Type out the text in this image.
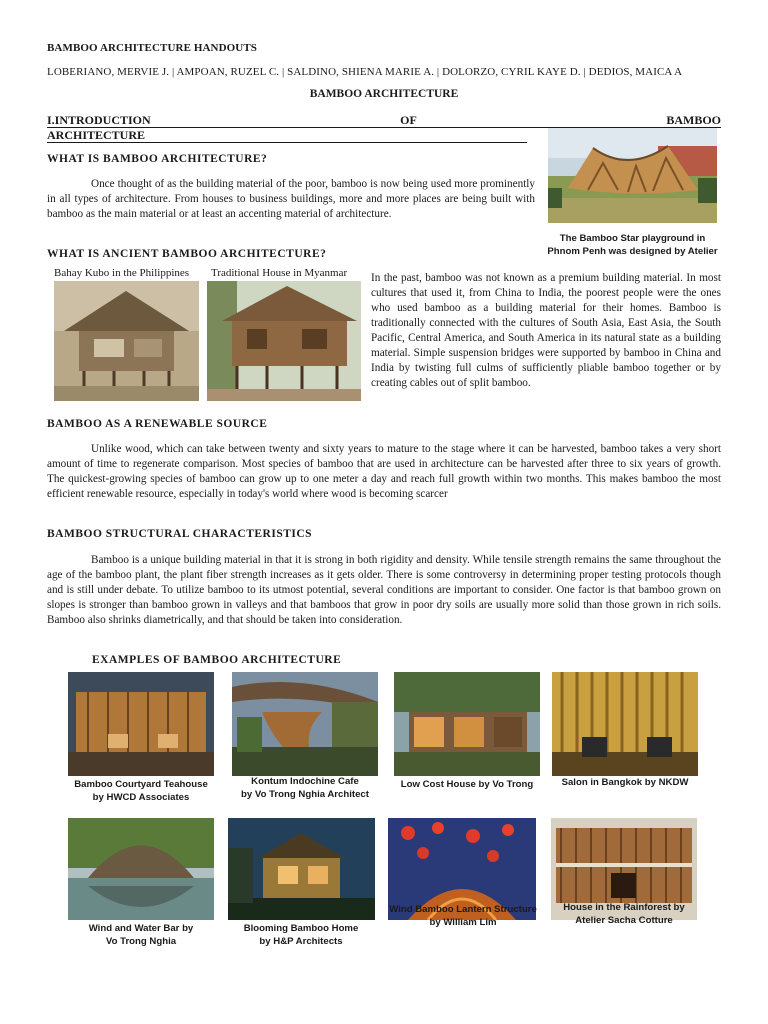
BAMBOO ARCHITECTURE HANDOUTS
LOBERIANO, MERVIE J. | AMPOAN, RUZEL C. | SALDINO, SHIENA MARIE A. | DOLORZO, CYRIL KAYE D. | DEDIOS, MAICA A
BAMBOO ARCHITECTURE
I.INTRODUCTION	OF	BAMBOO
ARCHITECTURE
WHAT IS BAMBOO ARCHITECTURE?

Once thought of as the building material of the poor, bamboo is now being used more prominently in all types of architecture. From houses to business buildings, more and more places are being built with bamboo as the main material or at least an accenting material of architecture.

The Bamboo Star playground in
Phnom Penh was designed by Atelier
WHAT IS ANCIENT BAMBOO ARCHITECTURE?
Bahay Kubo in the Philippines Traditional House in Myanmar In the past, bamboo was not known as a premium building material. In most cultures that used it, from China to India, the poorest people were the ones who used bamboo as a building material for their homes. Bamboo is traditionally connected with the cultures of South Asia, East Asia, the South Pacific, Central America, and South America in its natural state as a building material. Simple suspension bridges were supported by bamboo in China and India by twisting full culms of sufficiently pliable bamboo together or by creating cables out of split bamboo.

BAMBOO AS A RENEWABLE SOURCE

Unlike wood, which can take between twenty and sixty years to mature to the stage where it can be harvested, bamboo takes a very short amount of time to regenerate comparison. Most species of bamboo that are used in architecture can be harvested after three to six years of growth. The quickest-growing species of bamboo can grow up to one meter a day and reach full growth within two months. This makes bamboo the most efficient renewable resource, especially in today's world where wood is becoming scarcer

BAMBOO STRUCTURAL CHARACTERISTICS

Bamboo is a unique building material in that it is strong in both rigidity and density. While tensile strength remains the same throughout the age of the bamboo plant, the plant fiber strength increases as it gets older. There is some controversy in determining proper testing protocols though and is still under debate. To utilize bamboo to its utmost potential, several conditions are important to consider. One factor is that bamboo grown on slopes is stronger than bamboo grown in valleys and that bamboos that grow in poor dry soils are usually more solid than those grown in rich soils. Bamboo also shrinks diametrically, and that should be taken into consideration.

EXAMPLES OF BAMBOO ARCHITECTURE
Bamboo Courtyard Teahouse
by HWCD Associates
Kontum Indochine Cafe
by Vo Trong Nghia Architect
Low Cost House by Vo Trong	Salon in Bangkok by NKDW
Wind and Water Bar by
Vo Trong Nghia
Blooming Bamboo Home
by H&P Architects
Wind Bamboo Lantern Structure
by William Lim
House in the Rainforest by
Atelier Sacha Cotture
